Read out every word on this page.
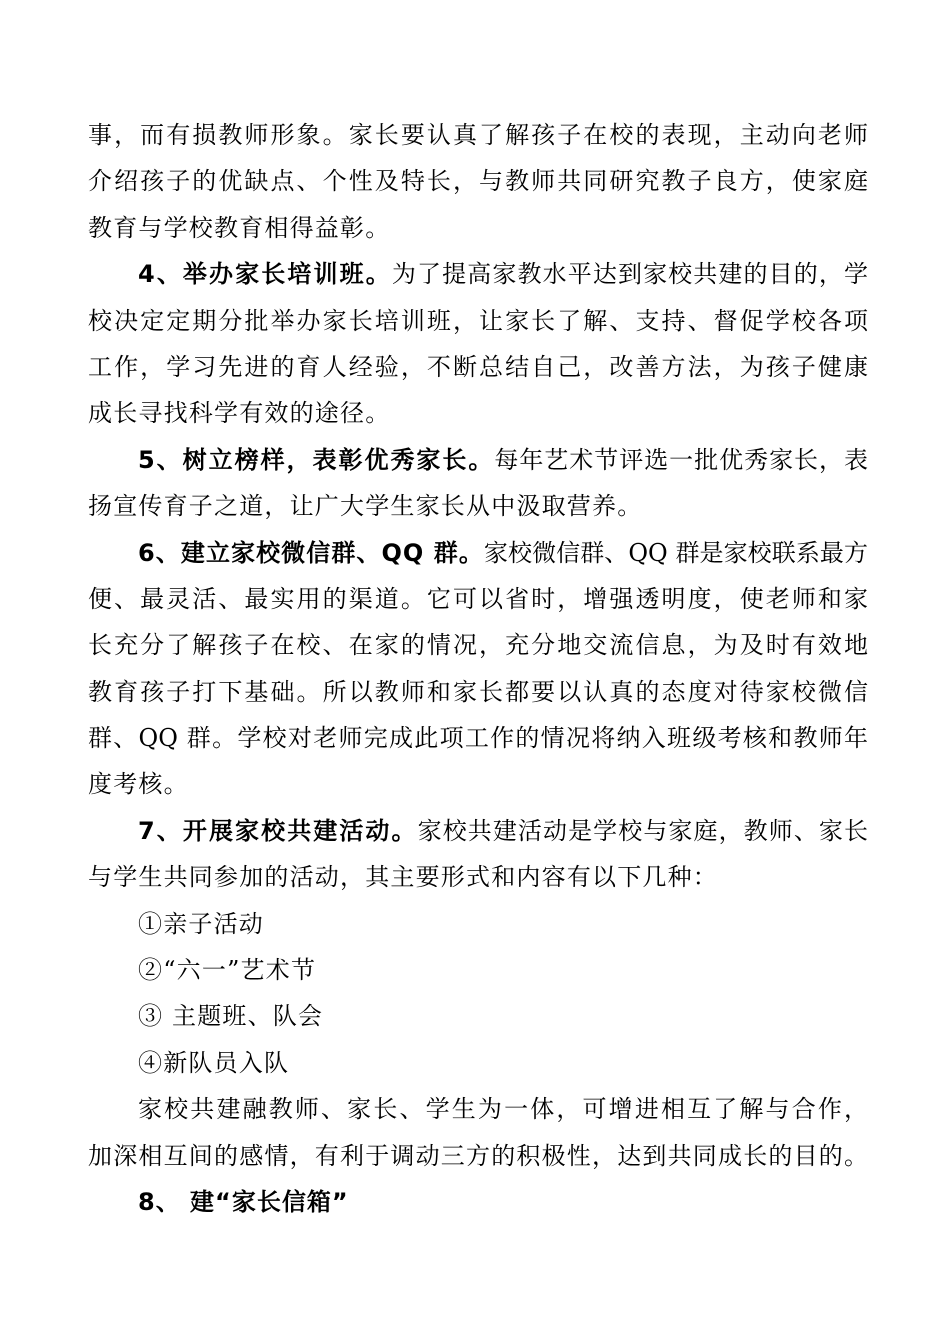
事，而有损教师形象。家长要认真了解孩子在校的表现，主动向老师
介绍孩子的优缺点、个性及特长，与教师共同研究教子良方，使家庭
教育与学校教育相得益彰。
4、举办家长培训班。为了提高家教水平达到家校共建的目的，学
校决定定期分批举办家长培训班，让家长了解、支持、督促学校各项
工作，学习先进的育人经验，不断总结自己，改善方法，为孩子健康
成长寻找科学有效的途径。
5、树立榜样，表彰优秀家长。每年艺术节评选一批优秀家长，表
扬宣传育子之道，让广大学生家长从中汲取营养。
6、建立家校微信群、QQ 群。家校微信群、QQ 群是家校联系最方
便、最灵活、最实用的渠道。它可以省时，增强透明度，使老师和家
长充分了解孩子在校、在家的情况，充分地交流信息，为及时有效地
教育孩子打下基础。所以教师和家长都要以认真的态度对待家校微信
群、QQ 群。学校对老师完成此项工作的情况将纳入班级考核和教师年
度考核。
7、开展家校共建活动。家校共建活动是学校与家庭，教师、家长
与学生共同参加的活动，其主要形式和内容有以下几种：
①亲子活动
②“六一”艺术节
③ 主题班、队会
④新队员入队
家校共建融教师、家长、学生为一体，可增进相互了解与合作，
加深相互间的感情，有利于调动三方的积极性，达到共同成长的目的。
8、 建“家长信箱”
